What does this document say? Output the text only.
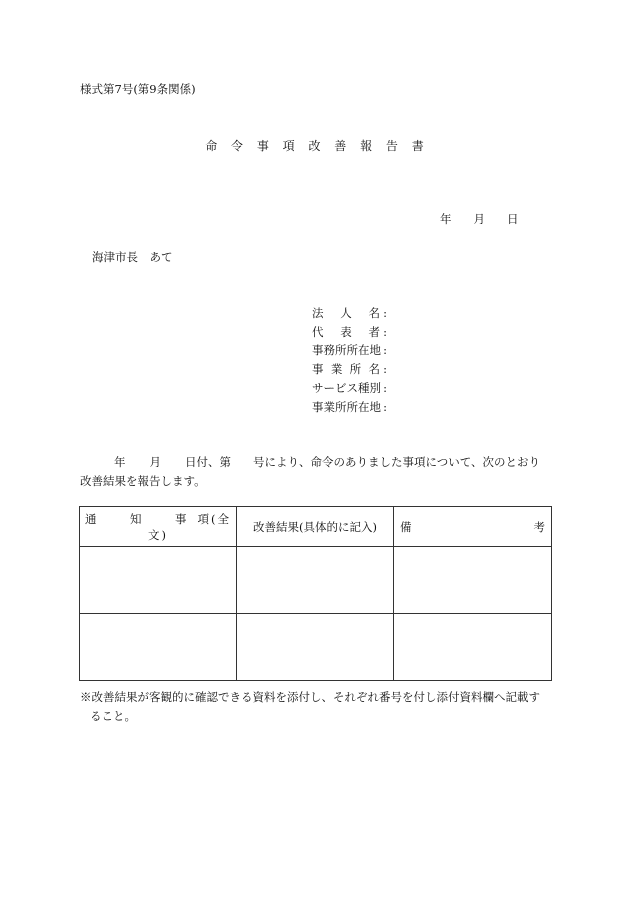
様式第7号(第9条関係)
命 令 事 項 改 善 報 告 書
年 月 日
海津市長　あて
法人名 :
代表者 :
事務所所在地 :
事業所名 :
サービス種別 :
事業所所在地 :
年 月 日付、第 号により、命令のありました事項について、次のとおり
改善結果を報告します。
通　知　事項(全　文)	改善結果(具体的に記入)	備 考

※改善結果が客観的に確認できる資料を添付し、それぞれ番号を付し添付資料欄へ記載す
ること。
